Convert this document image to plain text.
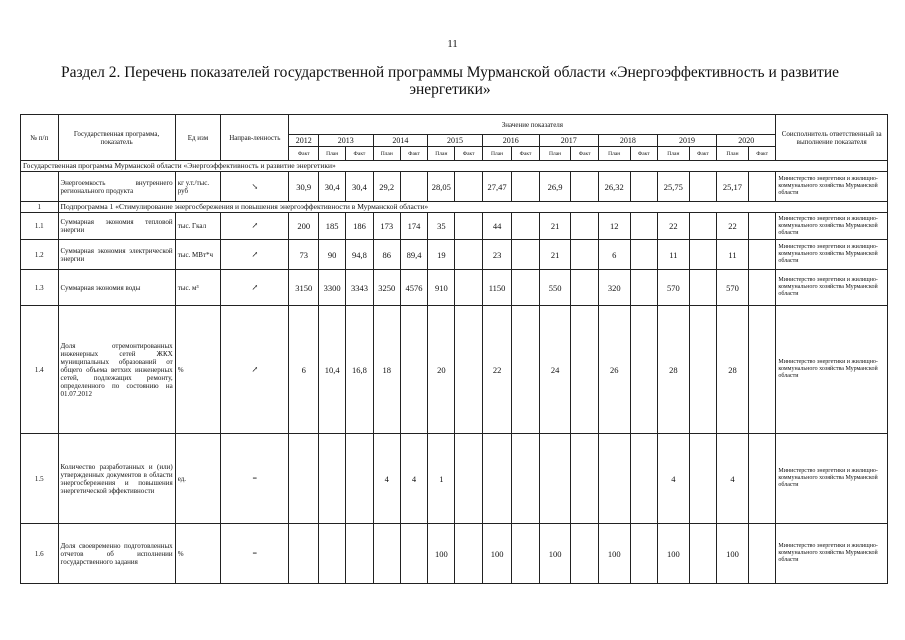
11
Раздел 2. Перечень показателей государственной программы Мурманской области «Энергоэффективность и развитие энергетики»
№ п/п	Государственная программа, показатель	Ед изм	Направ-ленность	Значение показателя																	Соисполнитель ответственный за выполнение показателя
				2012	2013		2014		2015		2016		2017		2018		2019		2020		
				Факт	План	Факт	План	Факт	План	Факт	План	Факт	План	Факт	План	Факт	План	Факт	План	Факт	
Государственная программа Мурманской области «Энергоэффективность и развитие энергетики»																					
	Энергоемкость внутреннего регионального продукта	кг у.т./тыс. руб	↘	30,9	30,4	30,4	29,2		28,05		27,47		26,9		26,32		25,75		25,17		Министерство энергетики и жилищно-коммунального хозяйства Мурманской области
1	Подпрограмма 1 «Стимулирование энергосбережения и повышения энергоэффективности в Мурманской области»																				
1.1	Суммарная экономия тепловой энергии	тыс. Гкал	↗	200	185	186	173	174	35		44		21		12		22		22		Министерство энергетики и жилищно-коммунального хозяйства Мурманской области
1.2	Суммарная экономия электрической энергии	тыс. МВт*ч	↗	73	90	94,8	86	89,4	19		23		21		6		11		11		Министерство энергетики и жилищно-коммунального хозяйства Мурманской области
1.3	Суммарная экономия воды	тыс. м³	↗	3150	3300	3343	3250	4576	910		1150		550		320		570		570		Министерство энергетики и жилищно-коммунального хозяйства Мурманской области
1.4	Доля отремонтированных инженерных сетей ЖКХ муниципальных образований от общего объема ветхих инженерных сетей, подлежащих ремонту, определенного по состоянию на 01.07.2012	%	↗	6	10,4	16,8	18		20		22		24		26		28		28		Министерство энергетики и жилищно-коммунального хозяйства Мурманской области
1.5	Количество разработанных и (или) утвержденных документов в области энергосбережения и повышения энергетической эффективности	ед.	=				4	4	1								4		4		Министерство энергетики и жилищно-коммунального хозяйства Мурманской области
1.6	Доля своевременно подготовленных отчетов об исполнении государственного задания	%	=						100		100		100		100		100		100		Министерство энергетики и жилищно-коммунального хозяйства Мурманской области
